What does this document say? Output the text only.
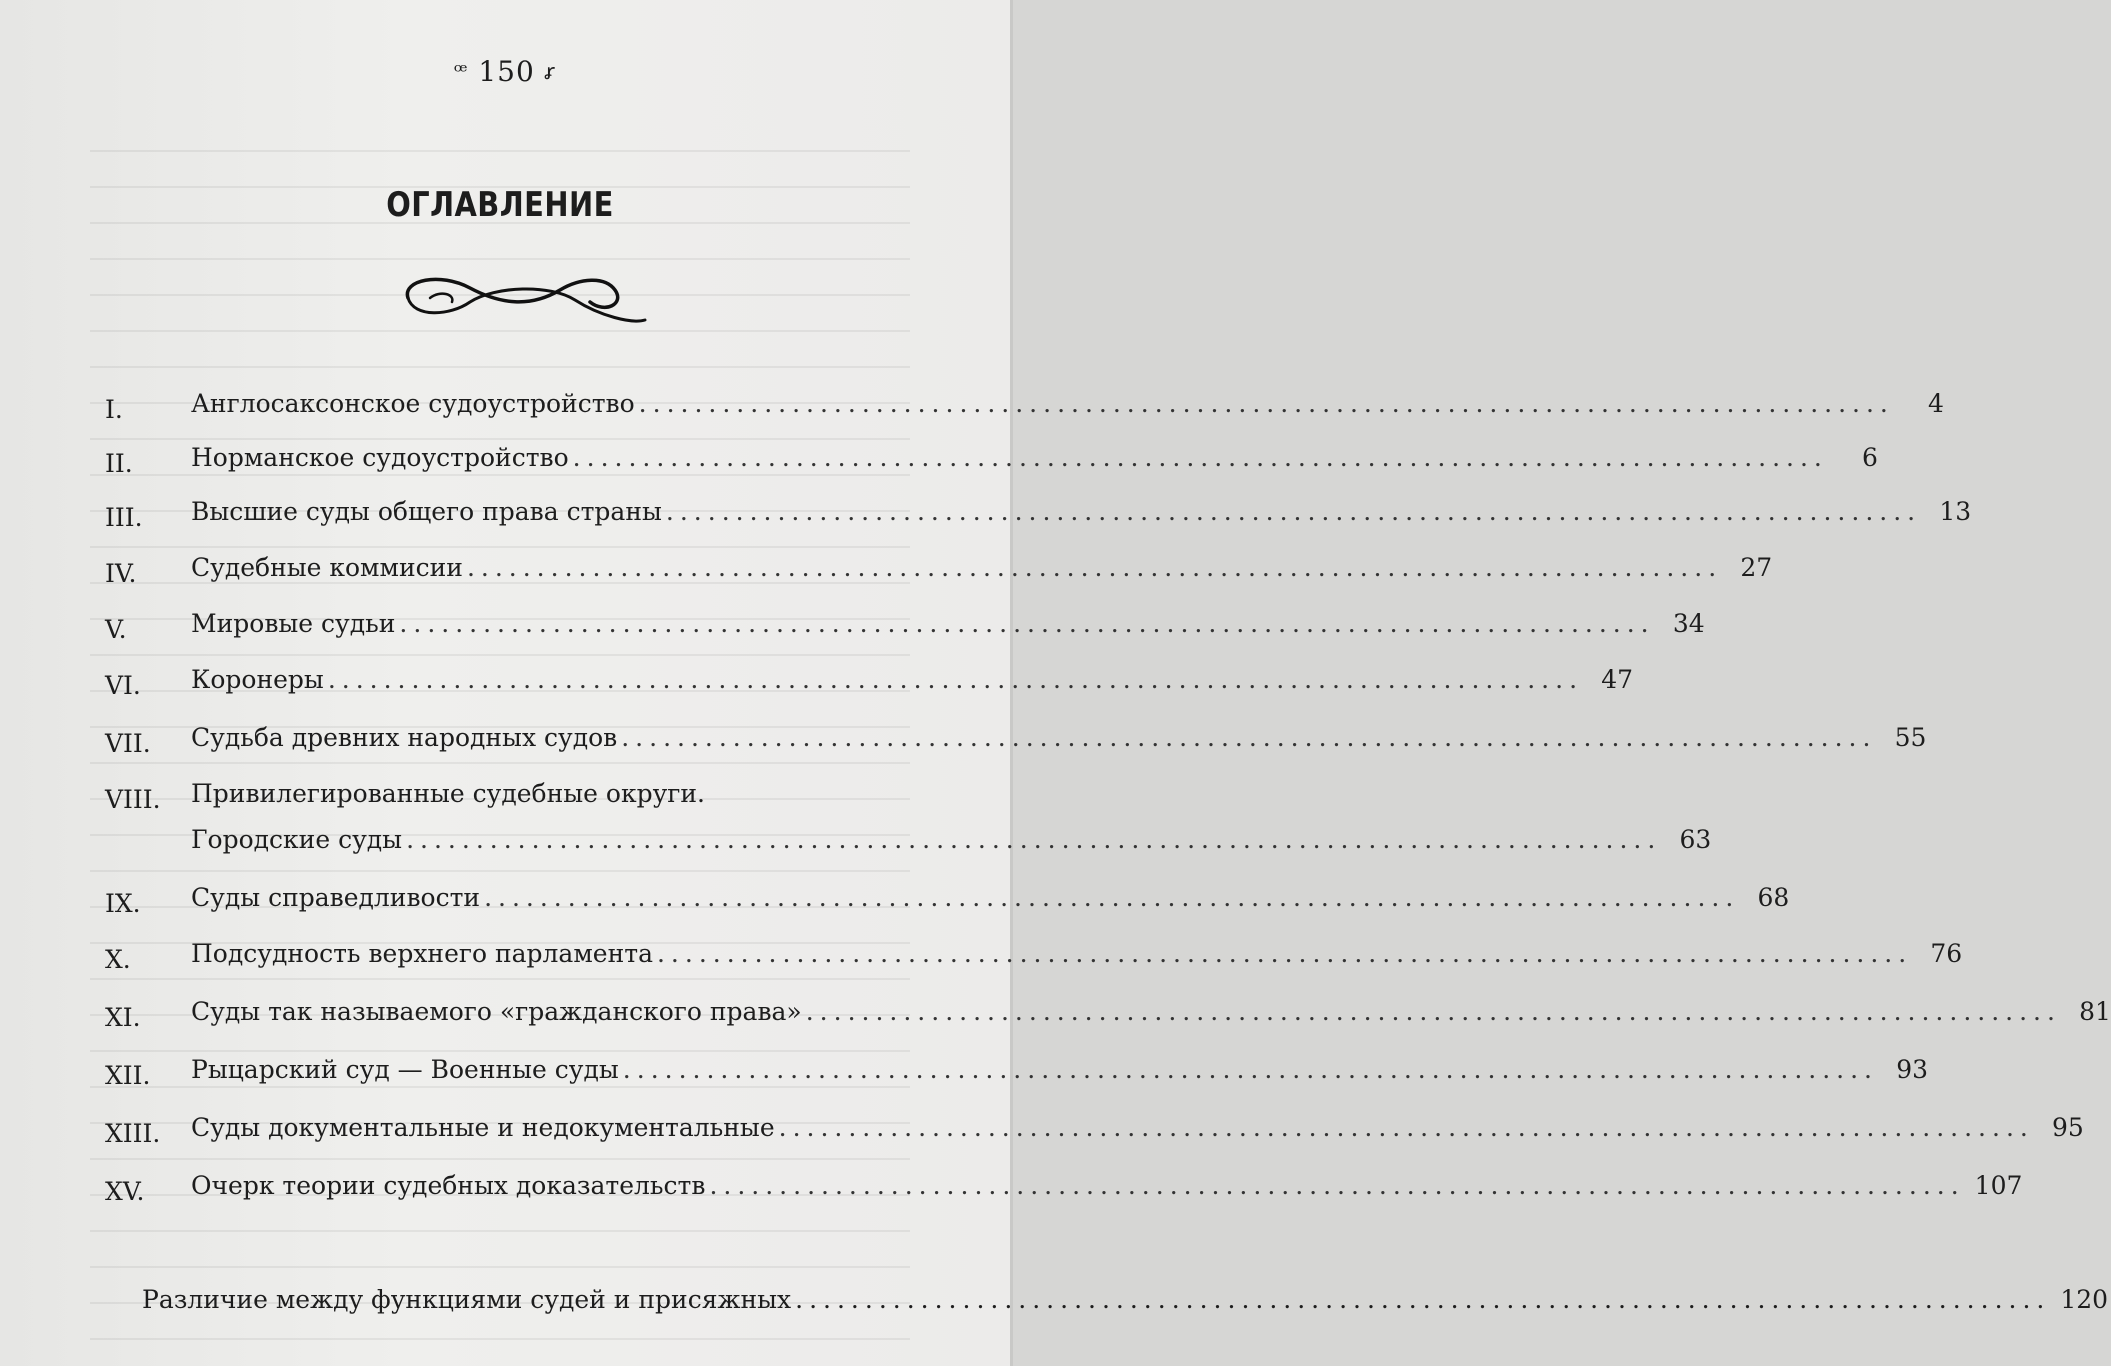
ꟹ 150 ꭉ
ОГЛАВЛЕНИЕ
I.	Англосаксонское судоустройство ..........................................................................................	4
II. Норманское судоустройство ..........................................................................................	6
III. Высшие суды общего права страны .......................................................................................... 13
IV. Судебные коммисии .......................................................................................... 27
V.	Мировые судьи .......................................................................................... 34
VI. Коронеры .......................................................................................... 47
VII. Судьба древних народных судов .......................................................................................... 55
VIII. Привилегированные судебные округи.
Городские суды .......................................................................................... 63
IX. Суды справедливости .......................................................................................... 68
X. Подсудность верхнего парламента .......................................................................................... 76
XI. Суды так называемого «гражданского права» .......................................................................................... 81
XII. Рыцарский суд — Военные суды .......................................................................................... 93
XIII. Суды документальные и недокументальные .......................................................................................... 95
XV. Очерк теории судебных доказательств .......................................................................................... 107
Различие между функциями судей и присяжных .......................................................................................... 120
